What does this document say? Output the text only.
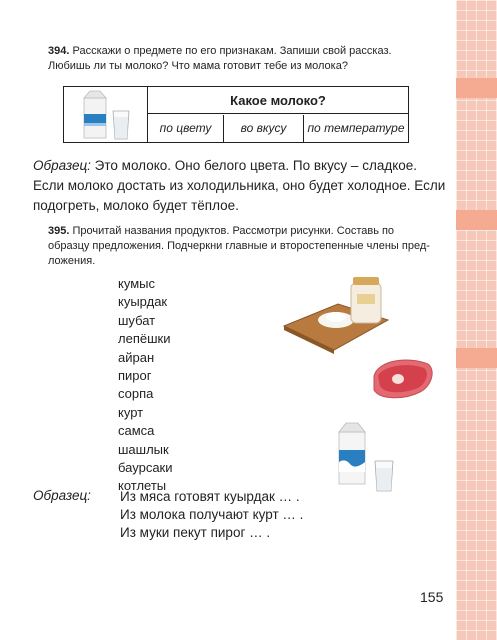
394. Расскажи о предмете по его признакам. Запиши свой рассказ.
Любишь ли ты молоко? Что мама готовит тебе из молока?
Какое молоко?
по цвету	во вкусу	по температуре
Образец: Это молоко. Оно белого цвета. По вкусу – сладкое.
Если молоко достать из холодильника, оно будет холодное. Если
подогреть, молоко будет тёплое.
395. Прочитай названия продуктов. Рассмотри рисунки. Составь по
образцу предложения. Подчеркни главные и второстепенные члены пред-
ложения.
кумыс
куырдак
шубат
лепёшки
айран
пирог
сорпа
курт
самса
шашлык
баурсаки
котлеты
Образец: Из мяса готовят куырдак … .
Из молока получают курт … .
Из муки пекут пирог … .
155
